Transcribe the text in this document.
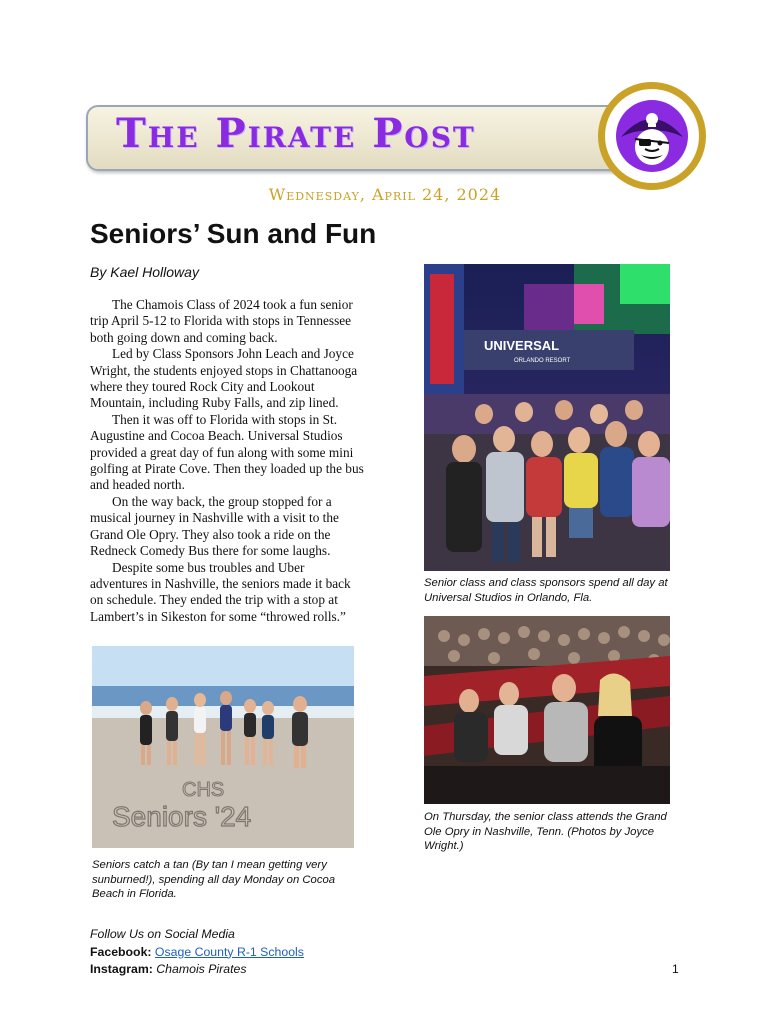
The Pirate Post
Wednesday, April 24, 2024
Seniors’ Sun and Fun
By Kael Holloway

The Chamois Class of 2024 took a fun senior trip April 5-12 to Florida with stops in Tennessee both going down and coming back.

Led by Class Sponsors John Leach and Joyce Wright, the students enjoyed stops in Chattanooga where they toured Rock City and Lookout Mountain, including Ruby Falls, and zip lined.

Then it was off to Florida with stops in St. Augustine and Cocoa Beach. Universal Studios provided a great day of fun along with some mini golfing at Pirate Cove. Then they loaded up the bus and headed north.

On the way back, the group stopped for a musical journey in Nashville with a visit to the Grand Ole Opry. They also took a ride on the Redneck Comedy Bus there for some laughs.

Despite some bus troubles and Uber adventures in Nashville, the seniors made it back on schedule. They ended the trip with a stop at Lambert’s in Sikeston for some “throwed rolls.”

UNIVERSAL
ORLANDO RESORT
Senior class and class sponsors spend all day at Universal Studios in Orlando, Fla.
On Thursday, the senior class attends the Grand Ole Opry in Nashville, Tenn. (Photos by Joyce Wright.)
CHS
Seniors '24
Seniors catch a tan (By tan I mean getting very sunburned!), spending all day Monday on Cocoa Beach in Florida.
Follow Us on Social Media
Facebook: Osage County R-1 Schools
Instagram: Chamois Pirates	1
